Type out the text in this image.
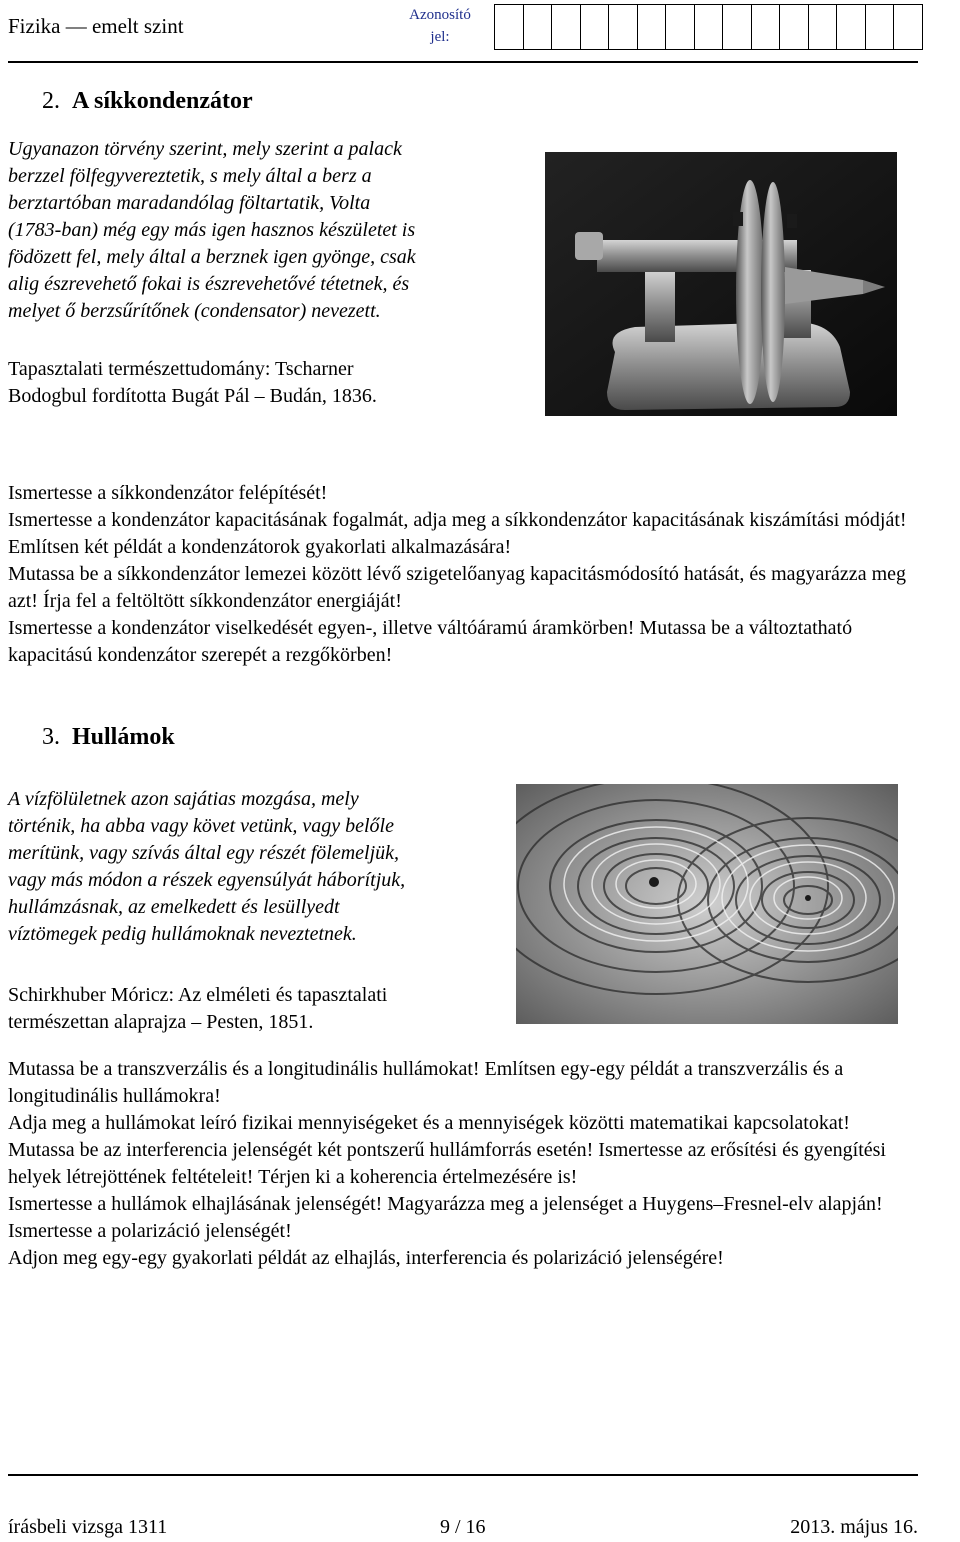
Fizika — emelt szint	Azonosító jel:
2. A síkkondenzátor
Ugyanazon törvény szerint, mely szerint a palack
berzzel fölfegyvereztetik, s mely által a berz a
berztartóban maradandólag föltartatik, Volta
(1783-ban) még egy más igen hasznos készületet is
födözett fel, mely által a berznek igen gyönge, csak
alig észrevehető fokai is észrevehetővé tétetnek, és
melyet ő berzsűrítőnek (condensator) nevezett.
Tapasztalati természettudomány: Tscharner
Bodogbul fordította Bugát Pál – Budán, 1836.

Ismertesse a síkkondenzátor felépítését!

Ismertesse a kondenzátor kapacitásának fogalmát, adja meg a síkkondenzátor kapacitásának kiszámítási módját! Említsen két példát a kondenzátorok gyakorlati alkalmazására!

Mutassa be a síkkondenzátor lemezei között lévő szigetelőanyag kapacitásmódosító hatását, és magyarázza meg azt! Írja fel a feltöltött síkkondenzátor energiáját!

Ismertesse a kondenzátor viselkedését egyen-, illetve váltóáramú áramkörben! Mutassa be a változtatható kapacitású kondenzátor szerepét a rezgőkörben!

3. Hullámok
A vízfölületnek azon sajátias mozgása, mely
történik, ha abba vagy követ vetünk, vagy belőle
merítünk, vagy szívás által egy részét fölemeljük,
vagy más módon a részek egyensúlyát háborítjuk,
hullámzásnak, az emelkedett és lesüllyedt
víztömegek pedig hullámoknak neveztetnek.
Schirkhuber Móricz: Az elméleti és tapasztalati
természettan alaprajza – Pesten, 1851.

Mutassa be a transzverzális és a longitudinális hullámokat! Említsen egy-egy példát a transzverzális és a longitudinális hullámokra!

Adja meg a hullámokat leíró fizikai mennyiségeket és a mennyiségek közötti matematikai kapcsolatokat!

Mutassa be az interferencia jelenségét két pontszerű hullámforrás esetén! Ismertesse az erősítési és gyengítési helyek létrejöttének feltételeit! Térjen ki a koherencia értelmezésére is!

Ismertesse a hullámok elhajlásának jelenségét! Magyarázza meg a jelenséget a Huygens–Fresnel-elv alapján!

Ismertesse a polarizáció jelenségét!

Adjon meg egy-egy gyakorlati példát az elhajlás, interferencia és polarizáció jelenségére!

írásbeli vizsga 1311	9 / 16	2013. május 16.
